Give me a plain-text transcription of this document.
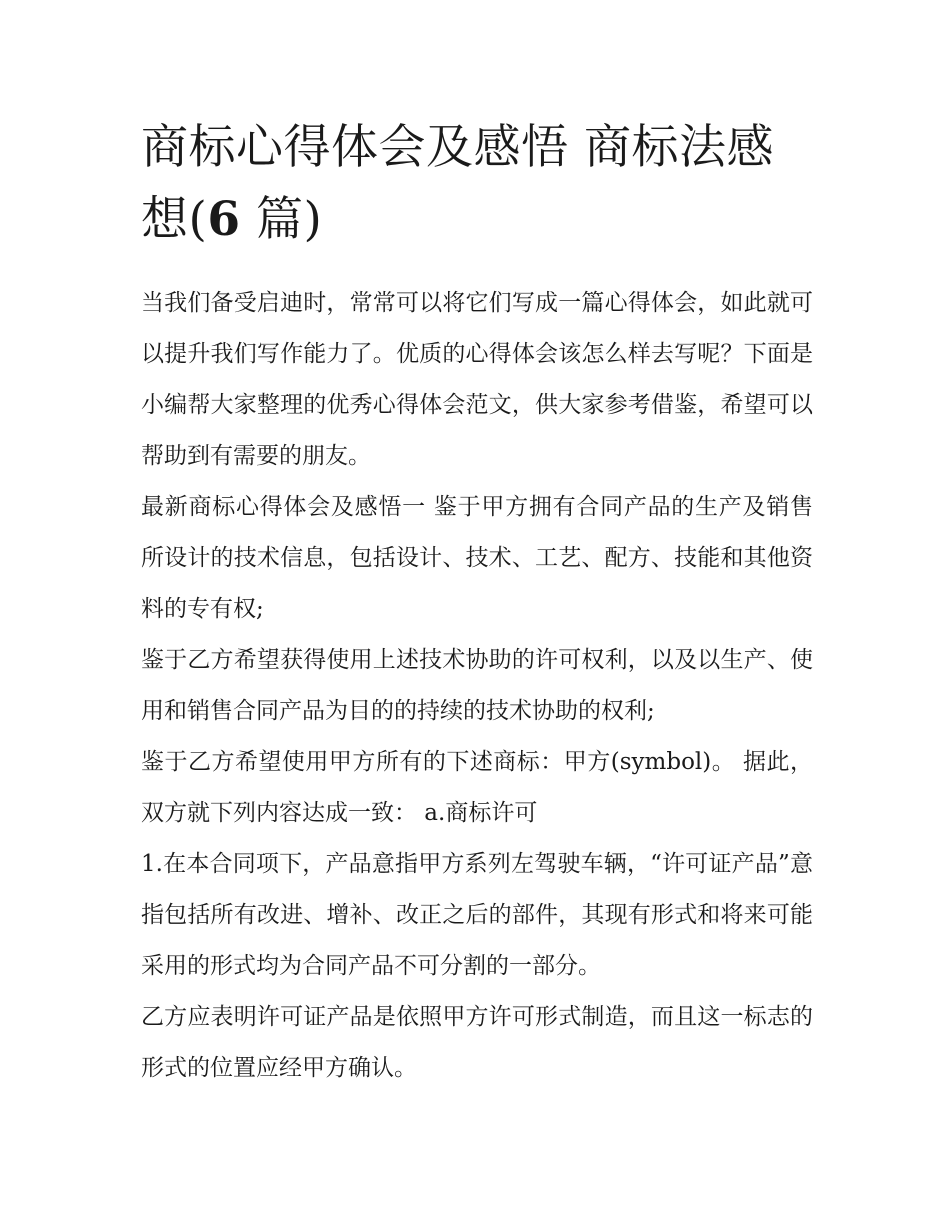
商标心得体会及感悟 商标法感想(6 篇)

当我们备受启迪时，常常可以将它们写成一篇心得体会，如此就可以提升我们写作能力了。优质的心得体会该怎么样去写呢？下面是小编帮大家整理的优秀心得体会范文，供大家参考借鉴，希望可以帮助到有需要的朋友。

最新商标心得体会及感悟一 鉴于甲方拥有合同产品的生产及销售所设计的技术信息，包括设计、技术、工艺、配方、技能和其他资料的专有权;

鉴于乙方希望获得使用上述技术协助的许可权利，以及以生产、使用和销售合同产品为目的的持续的技术协助的权利;

鉴于乙方希望使用甲方所有的下述商标：甲方(symbol)。 据此，双方就下列内容达成一致： a.商标许可

1.在本合同项下，产品意指甲方系列左驾驶车辆，“许可证产品”意指包括所有改进、增补、改正之后的部件，其现有形式和将来可能采用的形式均为合同产品不可分割的一部分。

乙方应表明许可证产品是依照甲方许可形式制造，而且这一标志的形式的位置应经甲方确认。
